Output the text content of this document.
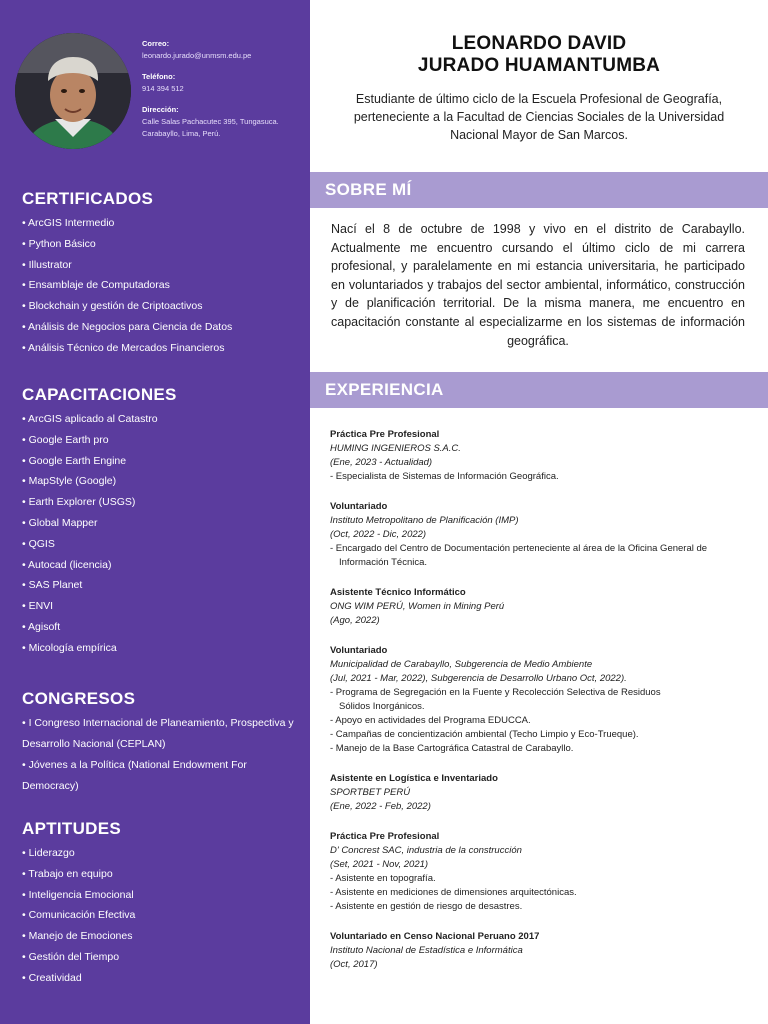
Correo:
leonardo.jurado@unmsm.edu.pe
Teléfono:
914 394 512
Dirección:
Calle Salas Pachacutec 395, Tungasuca. Carabayllo, Lima, Perú.
CERTIFICADOS
• ArcGIS Intermedio
• Python Básico
• Illustrator
• Ensamblaje de Computadoras
• Blockchain y gestión de Criptoactivos
• Análisis de Negocios para Ciencia de Datos
• Análisis Técnico de Mercados Financieros
CAPACITACIONES
• ArcGIS aplicado al Catastro
• Google Earth pro
• Google Earth Engine
• MapStyle (Google)
• Earth Explorer (USGS)
• Global Mapper
• QGIS
• Autocad (licencia)
• SAS Planet
• ENVI
• Agisoft
• Micología empírica
CONGRESOS
• I Congreso Internacional de Planeamiento, Prospectiva y Desarrollo Nacional (CEPLAN)
• Jóvenes a la Política (National Endowment For Democracy)
APTITUDES
• Liderazgo
• Trabajo en equipo
• Inteligencia Emocional
• Comunicación Efectiva
• Manejo de Emociones
• Gestión del Tiempo
• Creatividad
LEONARDO DAVID
JURADO HUAMANTUMBA
Estudiante de último ciclo de la Escuela Profesional de Geografía, perteneciente a la Facultad de Ciencias Sociales de la Universidad Nacional Mayor de San Marcos.
SOBRE MÍ
Nací el 8 de octubre de 1998 y vivo en el distrito de Carabayllo. Actualmente me encuentro cursando el último ciclo de mi carrera profesional, y paralelamente en mi estancia universitaria, he participado en voluntariados y trabajos del sector ambiental, informático, construcción y de planificación territorial. De la misma manera, me encuentro en capacitación constante al especializarme en los sistemas de información geográfica.
EXPERIENCIA
Práctica Pre Profesional
HUMING INGENIEROS S.A.C.
(Ene, 2023 - Actualidad)
- Especialista de Sistemas de Información Geográfica.
Voluntariado
Instituto Metropolitano de Planificación (IMP)
(Oct, 2022 - Dic, 2022)
- Encargado del Centro de Documentación perteneciente al área de la Oficina General de Información Técnica.
Asistente Técnico Informático
ONG WIM PERÚ, Women in Mining Perú
(Ago, 2022)
Voluntariado
Municipalidad de Carabayllo, Subgerencia de Medio Ambiente
(Jul, 2021 - Mar, 2022), Subgerencia de Desarrollo Urbano Oct, 2022).
- Programa de Segregación en la Fuente y Recolección Selectiva de Residuos Sólidos Inorgánicos.
- Apoyo en actividades del Programa EDUCCA.
- Campañas de concientización ambiental (Techo Limpio y Eco-Trueque).
- Manejo de la Base Cartográfica Catastral de Carabayllo.
Asistente en Logística e Inventariado
SPORTBET PERÚ
(Ene, 2022 - Feb, 2022)
Práctica Pre Profesional
D' Concrest SAC, industria de la construcción
(Set, 2021 - Nov, 2021)
- Asistente en topografía.
- Asistente en mediciones de dimensiones arquitectónicas.
- Asistente en gestión de riesgo de desastres.
Voluntariado en Censo Nacional Peruano 2017
Instituto Nacional de Estadística e Informática
(Oct, 2017)
